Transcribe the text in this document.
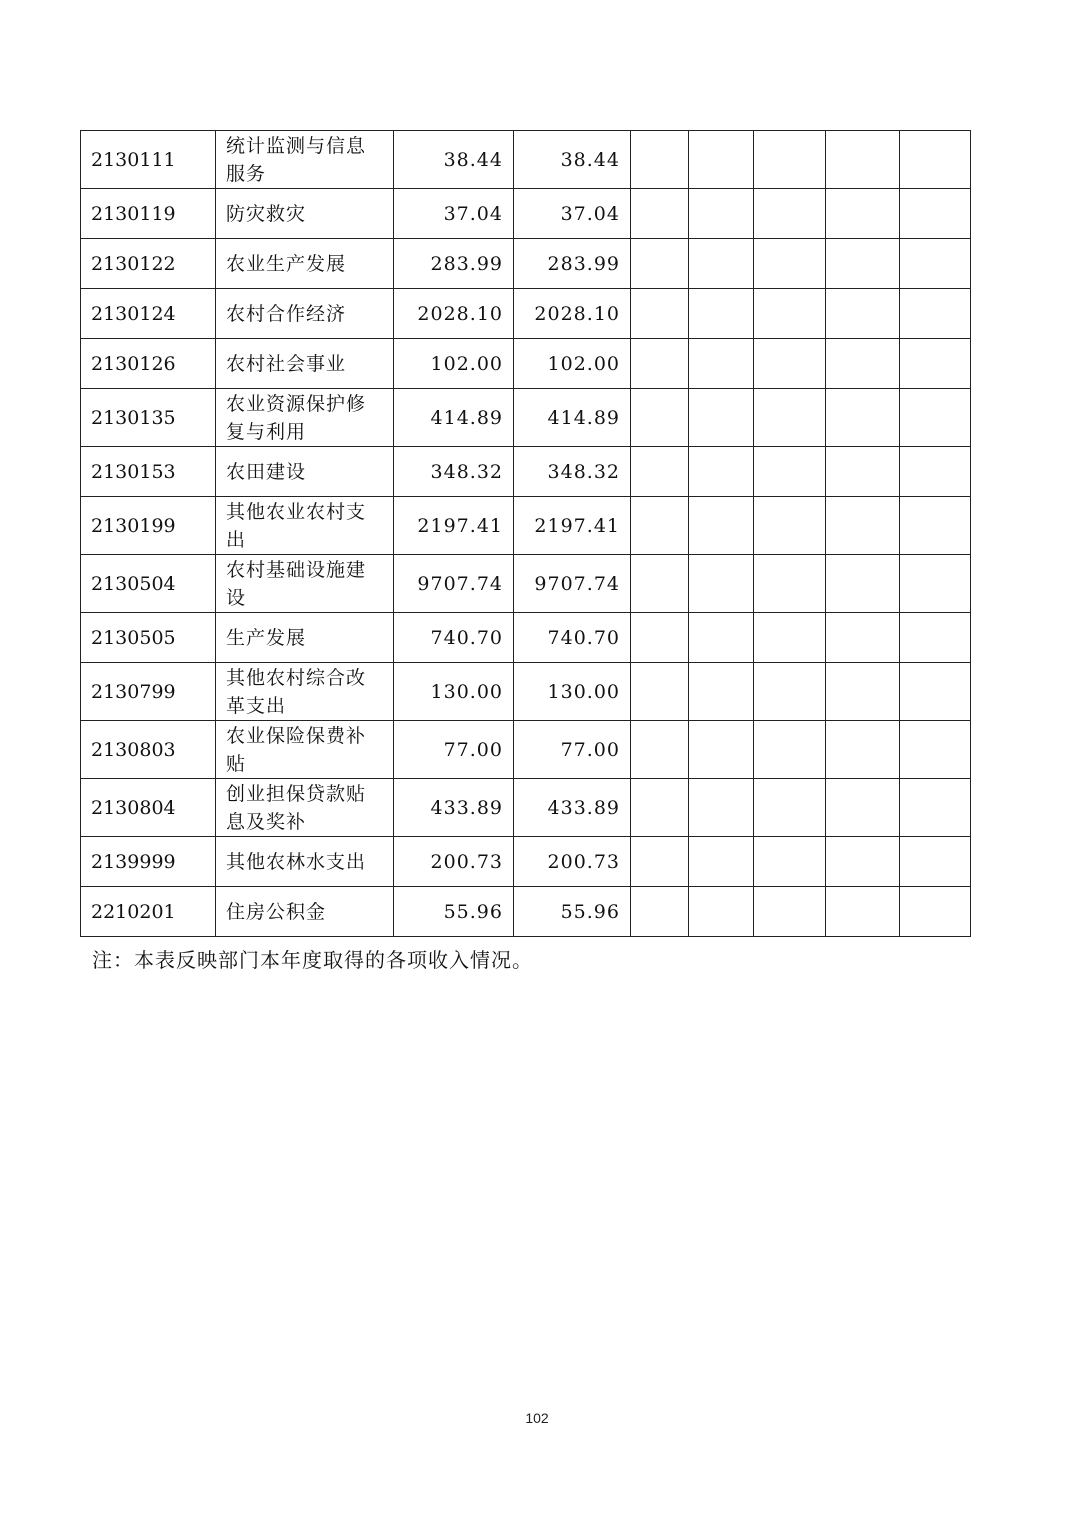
2130111	统计监测与信息服务	38.44	38.44					
2130119	防灾救灾	37.04	37.04					
2130122	农业生产发展	283.99	283.99					
2130124	农村合作经济	2028.10	2028.10					
2130126	农村社会事业	102.00	102.00					
2130135	农业资源保护修复与利用	414.89	414.89					
2130153	农田建设	348.32	348.32					
2130199	其他农业农村支出	2197.41	2197.41					
2130504	农村基础设施建设	9707.74	9707.74					
2130505	生产发展	740.70	740.70					
2130799	其他农村综合改革支出	130.00	130.00					
2130803	农业保险保费补贴	77.00	77.00					
2130804	创业担保贷款贴息及奖补	433.89	433.89					
2139999	其他农林水支出	200.73	200.73					
2210201	住房公积金	55.96	55.96					
注：本表反映部门本年度取得的各项收入情况。
102
